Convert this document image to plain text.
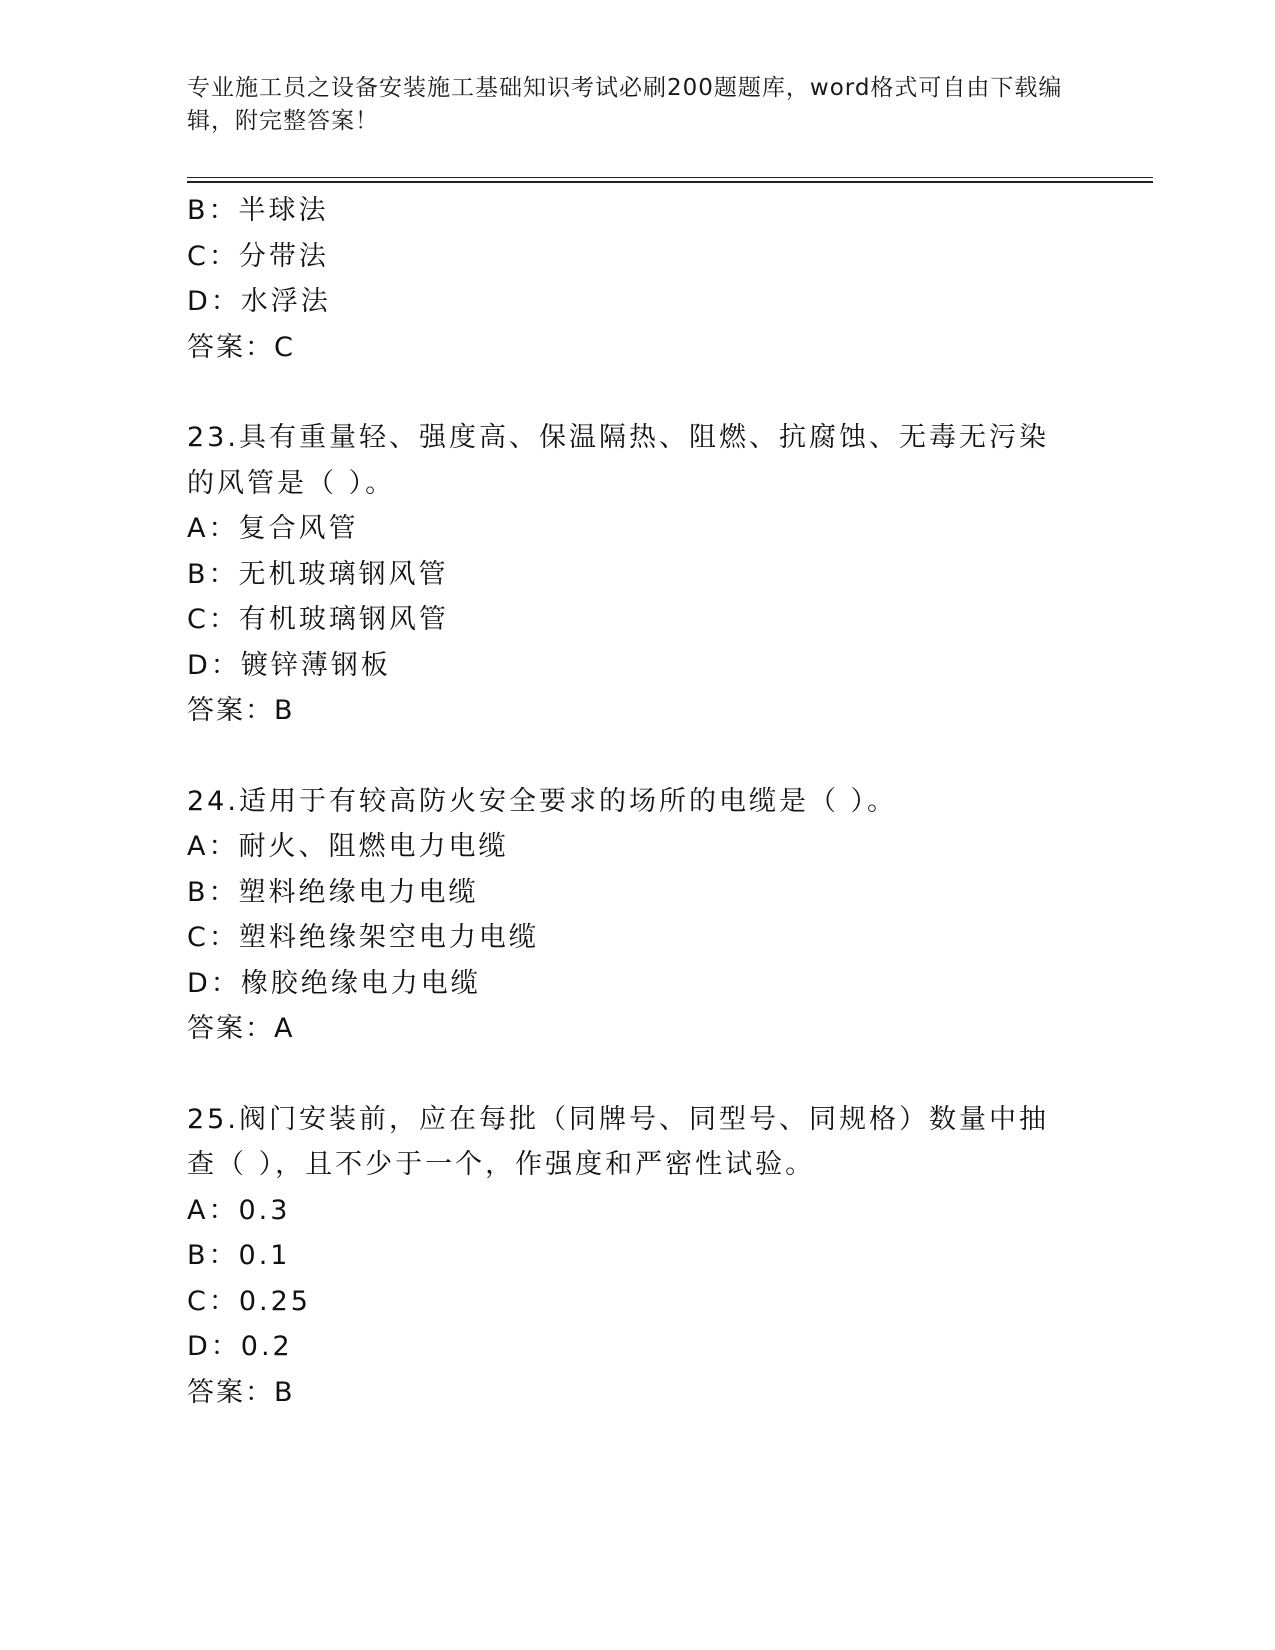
专业施工员之设备安装施工基础知识考试必刷200题题库，word格式可自由下载编辑，附完整答案！
B：半球法
C：分带法
D：水浮法
答案：C
23.具有重量轻、强度高、保温隔热、阻燃、抗腐蚀、无毒无污染的风管是（ ）。
A：复合风管
B：无机玻璃钢风管
C：有机玻璃钢风管
D：镀锌薄钢板
答案：B
24.适用于有较高防火安全要求的场所的电缆是（ ）。
A：耐火、阻燃电力电缆
B：塑料绝缘电力电缆
C：塑料绝缘架空电力电缆
D：橡胶绝缘电力电缆
答案：A
25.阀门安装前，应在每批（同牌号、同型号、同规格）数量中抽查（ ），且不少于一个，作强度和严密性试验。
A：0.3
B：0.1
C：0.25
D：0.2
答案：B
